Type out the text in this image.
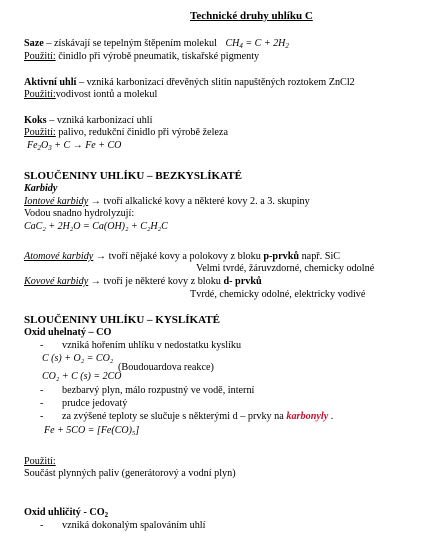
Technické druhy uhlíku C
Saze – získávají se tepelným štěpením molekul $CH_4 = C + 2H_2$
Použití: činidlo při výrobě pneumatik, tiskařské pigmenty
Aktivní uhlí – vzniká karbonizací dřevěných slitin napuštěných roztokem ZnCl2
Použití:vodivost iontů a molekul
Koks – vzniká karbonizací uhlí
Použití: palivo, redukční činidlo při výrobě železa
$Fe_2O_3 + C \to Fe$ + CO
SLOUČENINY UHLÍKU – BEZKYSLÍKATÉ
Karbidy
Iontové karbidy → tvoří alkalické kovy a některé kovy 2. a 3. skupiny
Vodou snadno hydrolyzují:
CaC₂ + 2H₂O = Ca(OH)₂ + C₂H₂C
Atomové karbidy → tvoří nějaké kovy a polokovy z bloku p-prvků např. SiC
Velmi tvrdé, žáruvzdorné, chemicky odolné
Kovové karbidy → tvoří je některé kovy z bloku d- prvků
Tvrdé, chemicky odolné, elektricky vodivé
SLOUČENINY UHLÍKU – KYSLÍKATÉ
Oxid uhelnatý – CO
- vzniká hořením uhlíku v nedostatku kyslíku
C (s) + O₂ = CO₂
CO₂ + C (s) = 2CO
(Boudouardova reakce)
- bezbarvý plyn, málo rozpustný ve vodě, interní
- prudce jedovatý
- za zvýšené teploty se slučuje s některými d – prvky na karbonyly .
Fe + 5CO = [Fe(CO)₅]
Použití:
Součást plynných paliv (generátorový a vodní plyn)
Oxid uhličitý - $CO_2$
- vzniká dokonalým spalováním uhlí
